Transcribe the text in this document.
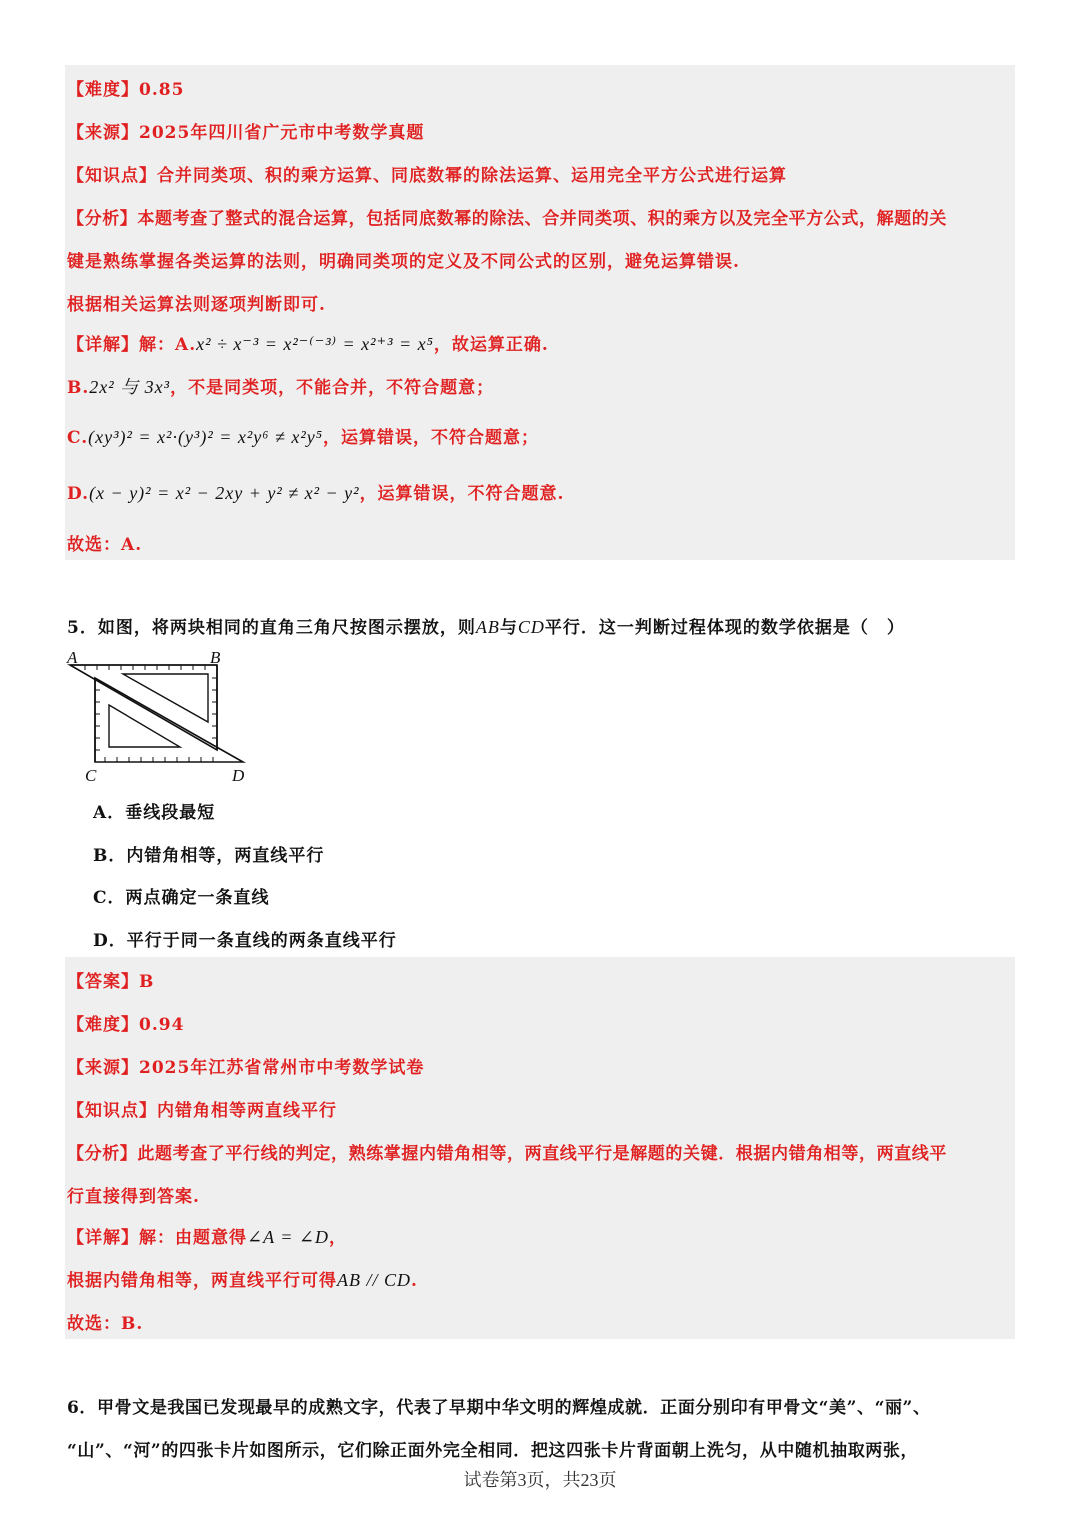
【难度】0.85
【来源】2025年四川省广元市中考数学真题
【知识点】合并同类项、积的乘方运算、同底数幂的除法运算、运用完全平方公式进行运算
【分析】本题考查了整式的混合运算，包括同底数幂的除法、合并同类项、积的乘方以及完全平方公式，解题的关
键是熟练掌握各类运算的法则，明确同类项的定义及不同公式的区别，避免运算错误.
根据相关运算法则逐项判断即可.
【详解】解：A.x² ÷ x⁻³ = x²⁻⁽⁻³⁾ = x²⁺³ = x⁵，故运算正确.
B.2x² 与 3x³，不是同类项，不能合并，不符合题意；
C.(xy³)² = x²·(y³)² = x²y⁶ ≠ x²y⁵，运算错误，不符合题意；
D.(x − y)² = x² − 2xy + y² ≠ x² − y²，运算错误，不符合题意.
故选：A.
5．如图，将两块相同的直角三角尺按图示摆放，则AB与CD平行．这一判断过程体现的数学依据是（　）
A	B
C	D
A．垂线段最短
B．内错角相等，两直线平行
C．两点确定一条直线
D．平行于同一条直线的两条直线平行
【答案】B
【难度】0.94
【来源】2025年江苏省常州市中考数学试卷
【知识点】内错角相等两直线平行
【分析】此题考查了平行线的判定，熟练掌握内错角相等，两直线平行是解题的关键．根据内错角相等，两直线平
行直接得到答案.
【详解】解：由题意得∠A = ∠D，
根据内错角相等，两直线平行可得AB // CD.
故选：B.
6．甲骨文是我国已发现最早的成熟文字，代表了早期中华文明的辉煌成就．正面分别印有甲骨文“美”、“丽”、
“山”、“河”的四张卡片如图所示，它们除正面外完全相同．把这四张卡片背面朝上洗匀，从中随机抽取两张，
试卷第3页，共23页
